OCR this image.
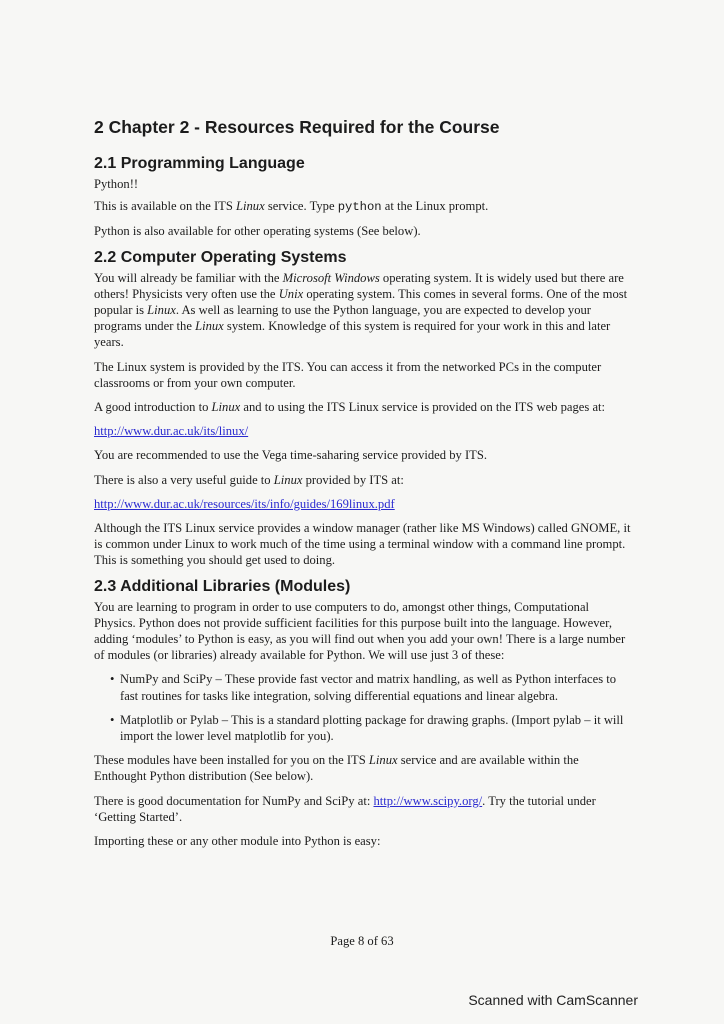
2 Chapter 2 - Resources Required for the Course
2.1 Programming Language

Python!!

This is available on the ITS Linux service. Type python at the Linux prompt.

Python is also available for other operating systems (See below).

2.2 Computer Operating Systems

You will already be familiar with the Microsoft Windows operating system. It is widely used but there are others! Physicists very often use the Unix operating system. This comes in several forms. One of the most popular is Linux. As well as learning to use the Python language, you are expected to develop your programs under the Linux system. Knowledge of this system is required for your work in this and later years.

The Linux system is provided by the ITS. You can access it from the networked PCs in the computer classrooms or from your own computer.

A good introduction to Linux and to using the ITS Linux service is provided on the ITS web pages at:

http://www.dur.ac.uk/its/linux/

You are recommended to use the Vega time-saharing service provided by ITS.

There is also a very useful guide to Linux provided by ITS at:

http://www.dur.ac.uk/resources/its/info/guides/169linux.pdf

Although the ITS Linux service provides a window manager (rather like MS Windows) called GNOME, it is common under Linux to work much of the time using a terminal window with a command line prompt. This is something you should get used to doing.

2.3 Additional Libraries (Modules)

You are learning to program in order to use computers to do, amongst other things, Computational Physics. Python does not provide sufficient facilities for this purpose built into the language. However, adding ‘modules’ to Python is easy, as you will find out when you add your own! There is a large number of modules (or libraries) already available for Python. We will use just 3 of these:

• NumPy and SciPy – These provide fast vector and matrix handling, as well as Python interfaces to fast routines for tasks like integration, solving differential equations and linear algebra.
• Matplotlib or Pylab – This is a standard plotting package for drawing graphs. (Import pylab – it will import the lower level matplotlib for you).

These modules have been installed for you on the ITS Linux service and are available within the Enthought Python distribution (See below).

There is good documentation for NumPy and SciPy at: http://www.scipy.org/. Try the tutorial under ‘Getting Started’.

Importing these or any other module into Python is easy:

Page 8 of 63
Scanned with CamScanner
